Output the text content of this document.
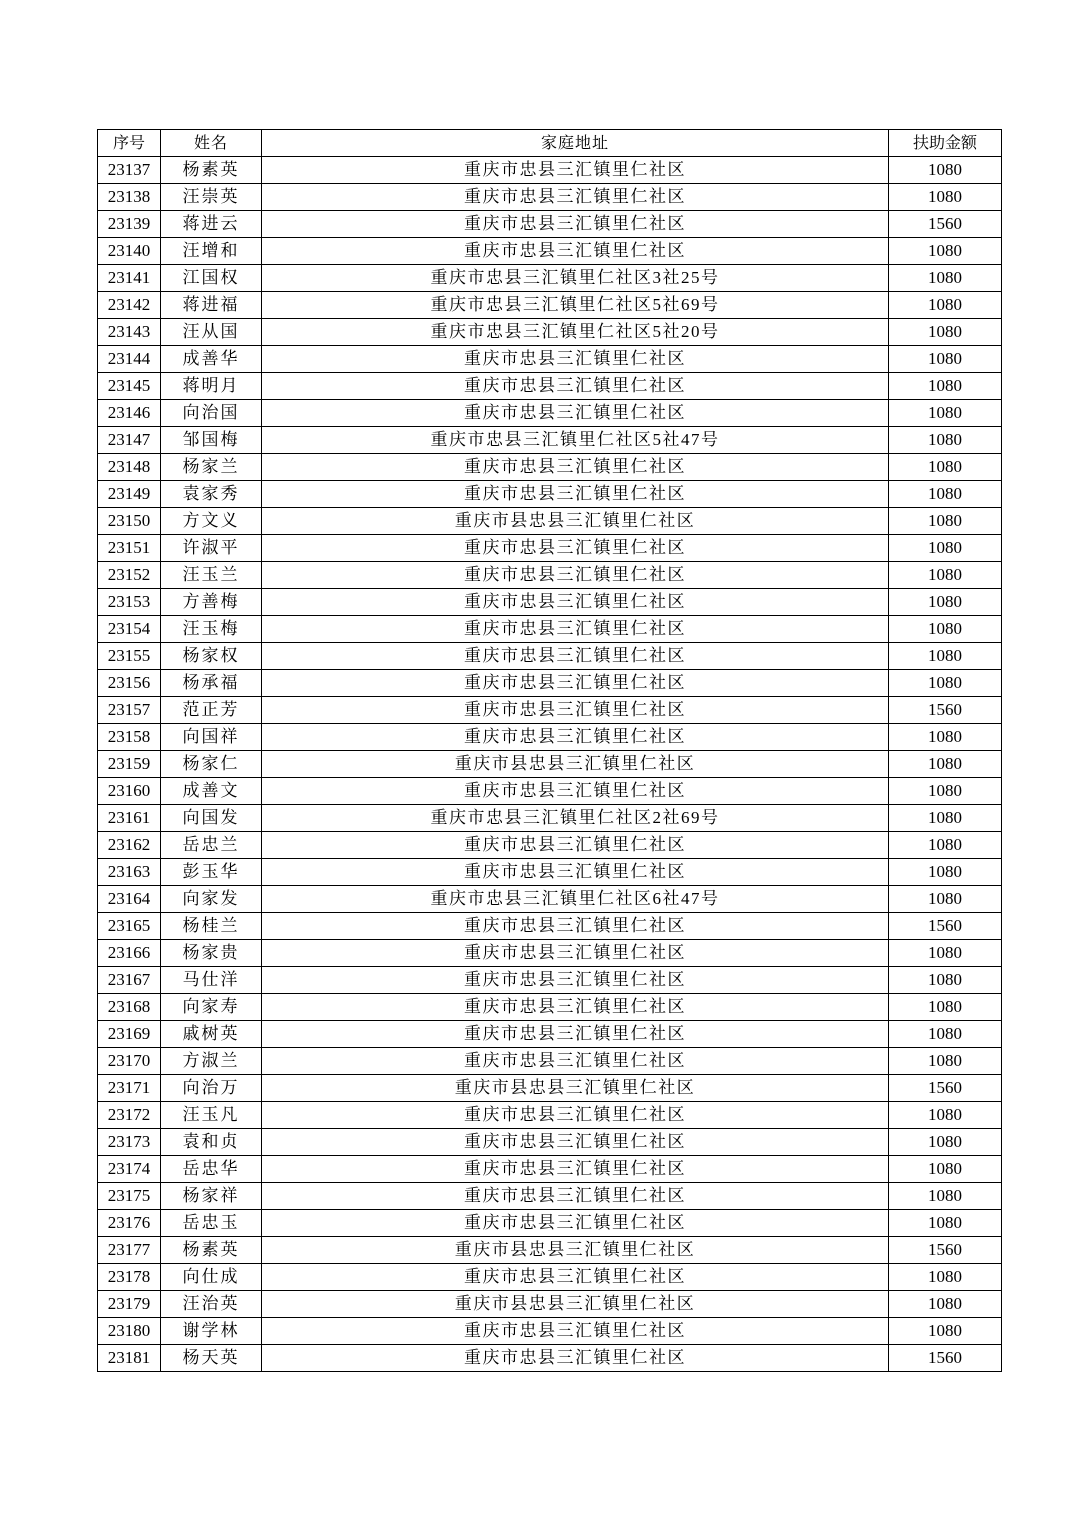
序号	姓名	家庭地址	扶助金额
23137	杨素英	重庆市忠县三汇镇里仁社区	1080
23138	汪崇英	重庆市忠县三汇镇里仁社区	1080
23139	蒋进云	重庆市忠县三汇镇里仁社区	1560
23140	汪增和	重庆市忠县三汇镇里仁社区	1080
23141	江国权	重庆市忠县三汇镇里仁社区3社25号	1080
23142	蒋进福	重庆市忠县三汇镇里仁社区5社69号	1080
23143	汪从国	重庆市忠县三汇镇里仁社区5社20号	1080
23144	成善华	重庆市忠县三汇镇里仁社区	1080
23145	蒋明月	重庆市忠县三汇镇里仁社区	1080
23146	向治国	重庆市忠县三汇镇里仁社区	1080
23147	邹国梅	重庆市忠县三汇镇里仁社区5社47号	1080
23148	杨家兰	重庆市忠县三汇镇里仁社区	1080
23149	袁家秀	重庆市忠县三汇镇里仁社区	1080
23150	方文义	重庆市县忠县三汇镇里仁社区	1080
23151	许淑平	重庆市忠县三汇镇里仁社区	1080
23152	汪玉兰	重庆市忠县三汇镇里仁社区	1080
23153	方善梅	重庆市忠县三汇镇里仁社区	1080
23154	汪玉梅	重庆市忠县三汇镇里仁社区	1080
23155	杨家权	重庆市忠县三汇镇里仁社区	1080
23156	杨承福	重庆市忠县三汇镇里仁社区	1080
23157	范正芳	重庆市忠县三汇镇里仁社区	1560
23158	向国祥	重庆市忠县三汇镇里仁社区	1080
23159	杨家仁	重庆市县忠县三汇镇里仁社区	1080
23160	成善文	重庆市忠县三汇镇里仁社区	1080
23161	向国发	重庆市忠县三汇镇里仁社区2社69号	1080
23162	岳忠兰	重庆市忠县三汇镇里仁社区	1080
23163	彭玉华	重庆市忠县三汇镇里仁社区	1080
23164	向家发	重庆市忠县三汇镇里仁社区6社47号	1080
23165	杨桂兰	重庆市忠县三汇镇里仁社区	1560
23166	杨家贵	重庆市忠县三汇镇里仁社区	1080
23167	马仕洋	重庆市忠县三汇镇里仁社区	1080
23168	向家寿	重庆市忠县三汇镇里仁社区	1080
23169	戚树英	重庆市忠县三汇镇里仁社区	1080
23170	方淑兰	重庆市忠县三汇镇里仁社区	1080
23171	向治万	重庆市县忠县三汇镇里仁社区	1560
23172	汪玉凡	重庆市忠县三汇镇里仁社区	1080
23173	袁和贞	重庆市忠县三汇镇里仁社区	1080
23174	岳忠华	重庆市忠县三汇镇里仁社区	1080
23175	杨家祥	重庆市忠县三汇镇里仁社区	1080
23176	岳忠玉	重庆市忠县三汇镇里仁社区	1080
23177	杨素英	重庆市县忠县三汇镇里仁社区	1560
23178	向仕成	重庆市忠县三汇镇里仁社区	1080
23179	汪治英	重庆市县忠县三汇镇里仁社区	1080
23180	谢学林	重庆市忠县三汇镇里仁社区	1080
23181	杨天英	重庆市忠县三汇镇里仁社区	1560
